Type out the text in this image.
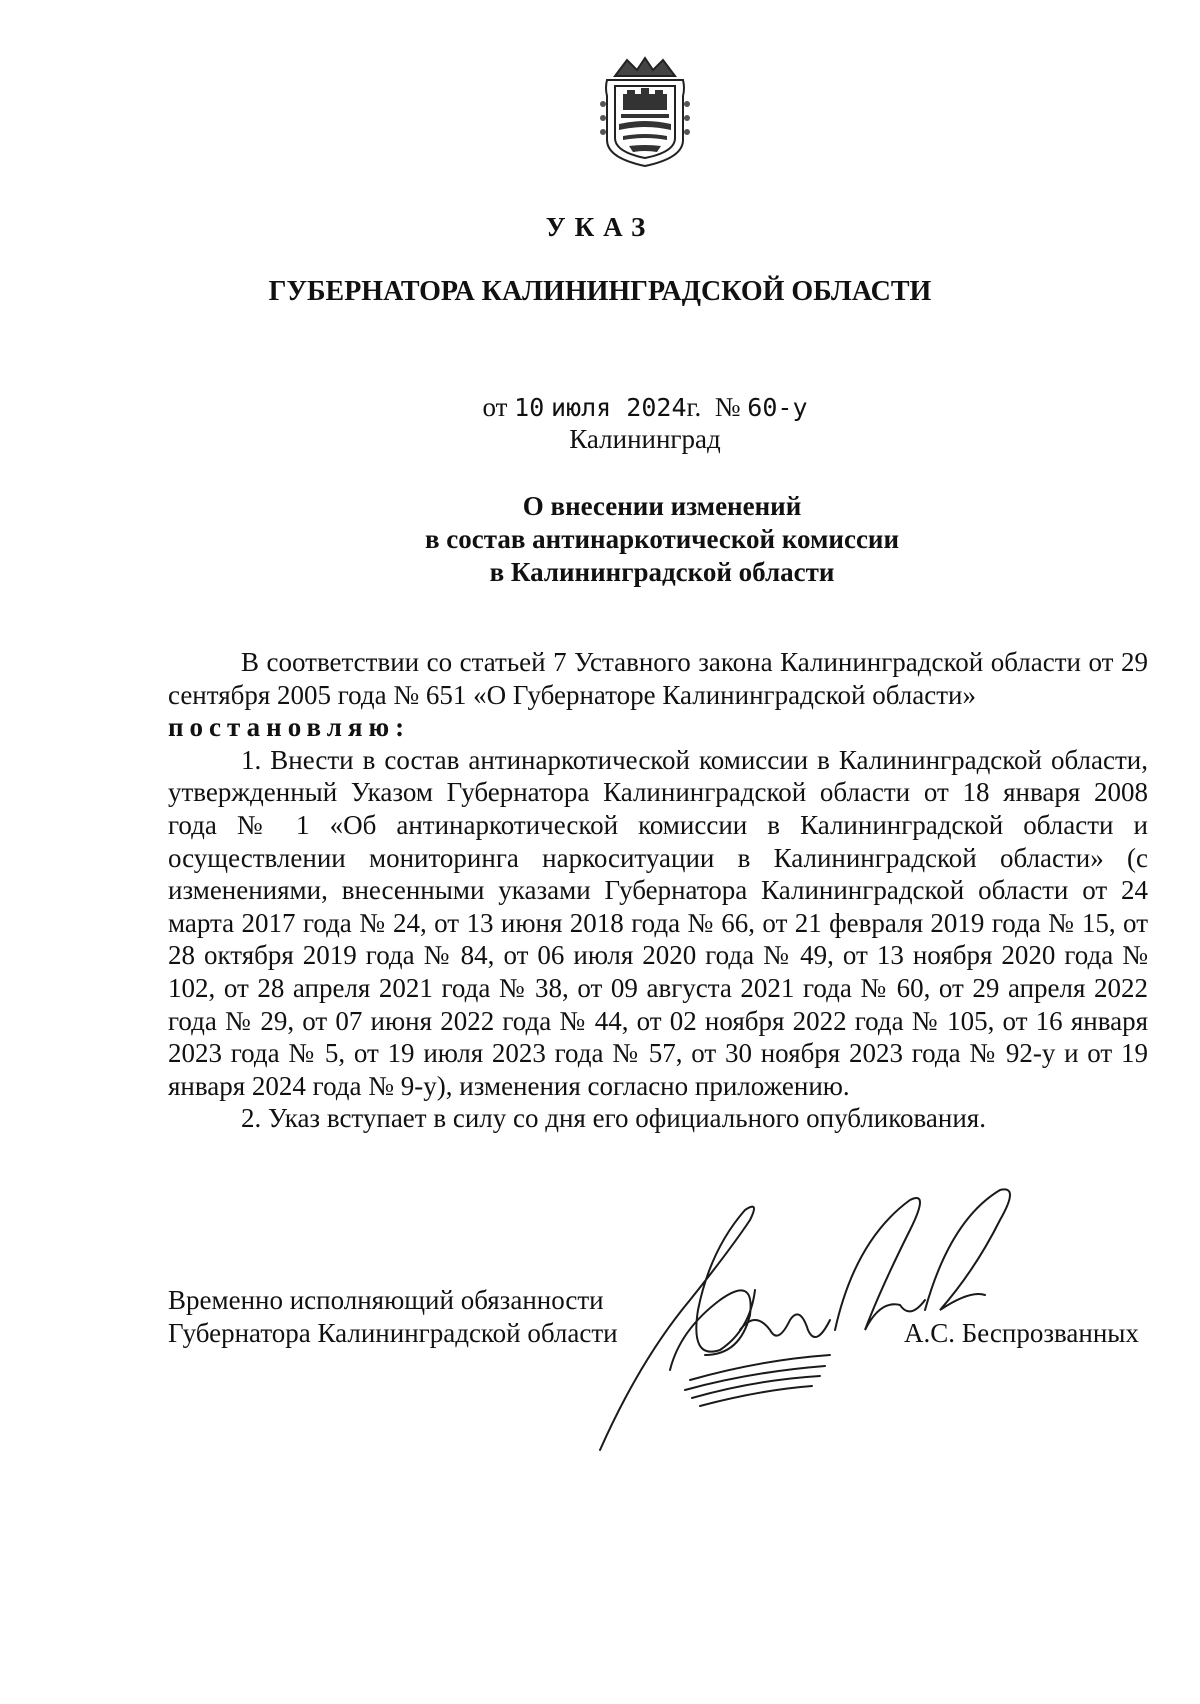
УКАЗ
ГУБЕРНАТОРА КАЛИНИНГРАДСКОЙ ОБЛАСТИ
от 10 июля 2024г. № 60-у
Калининград
О внесении изменений
в состав антинаркотической комиссии
в Калининградской области

В соответствии со статьей 7 Уставного закона Калининградской области от 29 сентября 2005 года № 651 «О Губернаторе Калининградской области»

постановляю:

1. Внести в состав антинаркотической комиссии в Калининградской области, утвержденный Указом Губернатора Калининградской области от 18 января 2008 года № 1 «Об антинаркотической комиссии в Калининградской области и осуществлении мониторинга наркоситуации в Калининградской области» (с изменениями, внесенными указами Губернатора Калининградской области от 24 марта 2017 года № 24, от 13 июня 2018 года № 66, от 21 февраля 2019 года № 15, от 28 октября 2019 года № 84, от 06 июля 2020 года № 49, от 13 ноября 2020 года № 102, от 28 апреля 2021 года № 38, от 09 августа 2021 года № 60, от 29 апреля 2022 года № 29, от 07 июня 2022 года № 44, от 02 ноября 2022 года № 105, от 16 января 2023 года № 5, от 19 июля 2023 года № 57, от 30 ноября 2023 года № 92-у и от 19 января 2024 года № 9-у), изменения согласно приложению.

2. Указ вступает в силу со дня его официального опубликования.

Временно исполняющий обязанности
Губернатора Калининградской области	А.С. Беспрозванных
